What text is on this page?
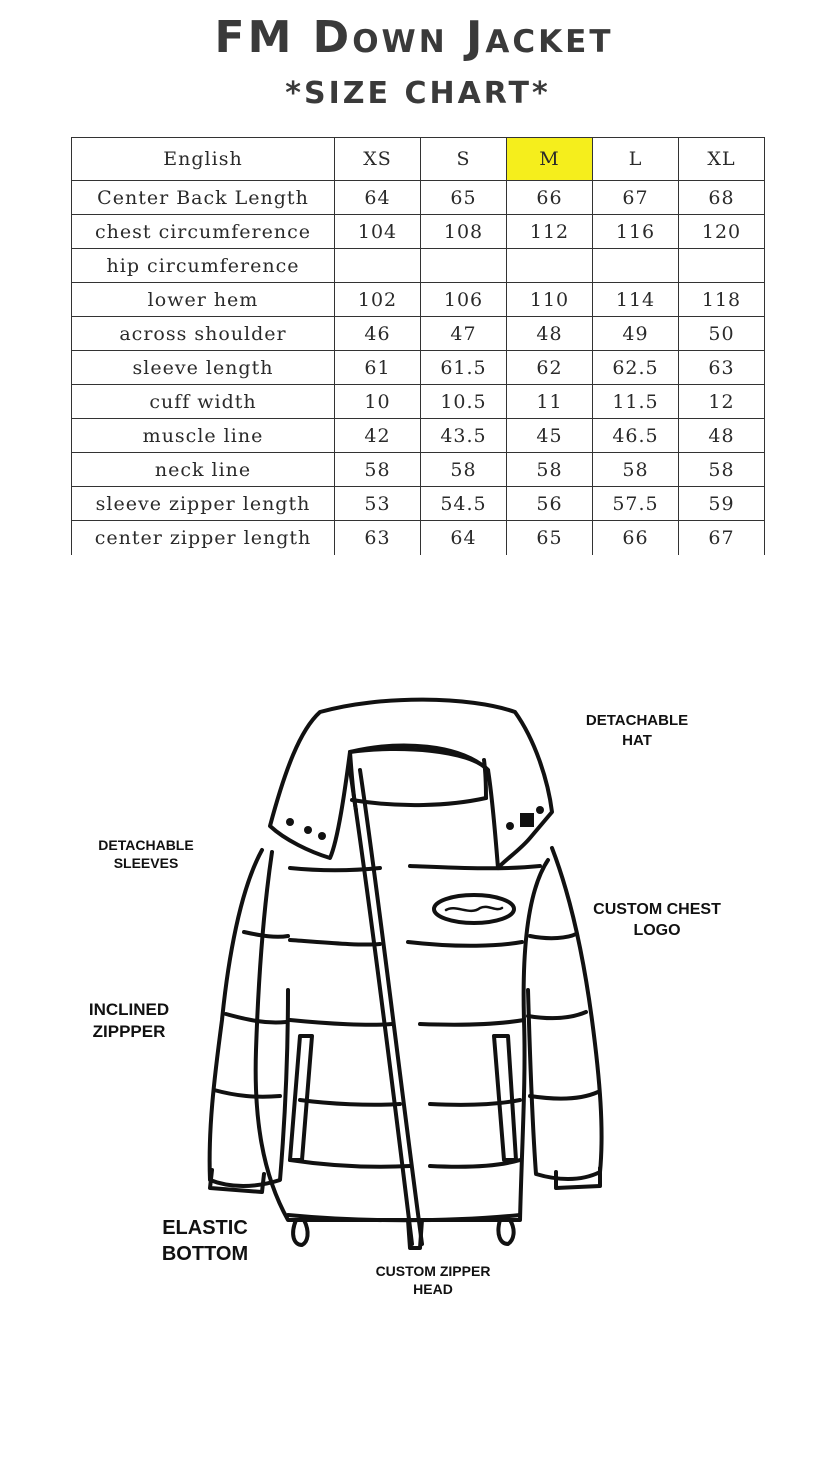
FM Down Jacket
*SIZE CHART*
English	XS	S	M	L	XL
Center Back Length	64	65	66	67	68
chest circumference	104	108	112	116	120
hip circumference					
lower hem	102	106	110	114	118
across shoulder	46	47	48	49	50
sleeve length	61	61.5	62	62.5	63
cuff width	10	10.5	11	11.5	12
muscle line	42	43.5	45	46.5	48
neck line	58	58	58	58	58
sleeve zipper length	53	54.5	56	57.5	59
center zipper length	63	64	65	66	67
DETACHABLE
HAT
DETACHABLE
SLEEVES
CUSTOM CHEST
LOGO
INCLINED
ZIPPPER
ELASTIC
BOTTOM
CUSTOM ZIPPER
HEAD
